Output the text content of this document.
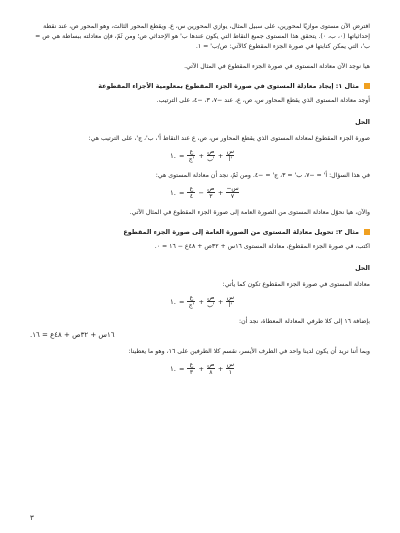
افترض الآن مستوى موازيًا لمحورين، على سبيل المثال، يوازي المحورين س، ع. ويقطع المحور الثالث، وهو المحور ص، عند نقطة إحداثياتها (٠، ب، ٠). يتحقق هذا المستوى جميع النقاط التي يكون عندها ب' هو الإحداثي ص؛ ومن ثَمّ، فإن معادلته ببساطة هي ص = ب'، التي يمكن كتابتها في صورة الجزء المقطوع كالآتي: ص/ب' = ١.

هيا نوجد الآن معادلة المستوى في صورة الجزء المقطوع في المثال الآتي.

مثال ١: إيجاد معادلة المستوى في صورة الجزء المقطوع بمعلومية الأجزاء المقطوعة

أوجد معادلة المستوى الذي يقطع المحاور س، ص، ع، عند −٧، ٣، −٤، على الترتيب.

الحل

صورة الجزء المقطوع لمعادلة المستوى الذي يقطع المحاور س، ص، ع عند النقاط أ'، ب'، ج'، على الترتيب هي:

١. = $\frac{\text{ع}}{\text{ج'}} + \frac{\text{ص}}{\text{ب'}} + \frac{\text{س}}{\text{أ'}}$

في هذا السؤال: أ' = −٧، ب' = ٣، ج' = −٤. ومن ثَمّ، نجد أن معادلة المستوى هي:

١. = $\frac{\text{ع}}{٤} - \frac{\text{ص}}{٣} + \frac{\text{−س}}{٧}$

والآن، هيا نحوّل معادلة المستوى من الصورة العامة إلى صورة الجزء المقطوع في المثال الآتي.

مثال ٢: تحويل معادلة المستوى من الصورة العامة إلى صورة الجزء المقطوع

اكتب، في صورة الجزء المقطوع، معادلة المستوى ١٦س + ٣٢ص + ٤٨ع − ١٦ = ٠.

الحل

معادلة المستوى في صورة الجزء المقطوع تكون كما يأتي:

١. = $\frac{\text{ع}}{\text{ج'}} + \frac{\text{ص}}{\text{ب'}} + \frac{\text{س}}{\text{أ'}}$

بإضافة ١٦ إلى كلا طرفي المعادلة المعطاة، نجد أن:

١٦س + ٣٢ص + ٤٨ع = ١٦.

وبما أننا نريد أن يكون لدينا واحد في الطرف الأيسر، نقسم كلا الطرفين على ١٦، وهو ما يعطينا:

١. = $\frac{\text{ع}}{٣} + \frac{\text{ص}}{٨} + \frac{\text{س}}{١}$
٣
